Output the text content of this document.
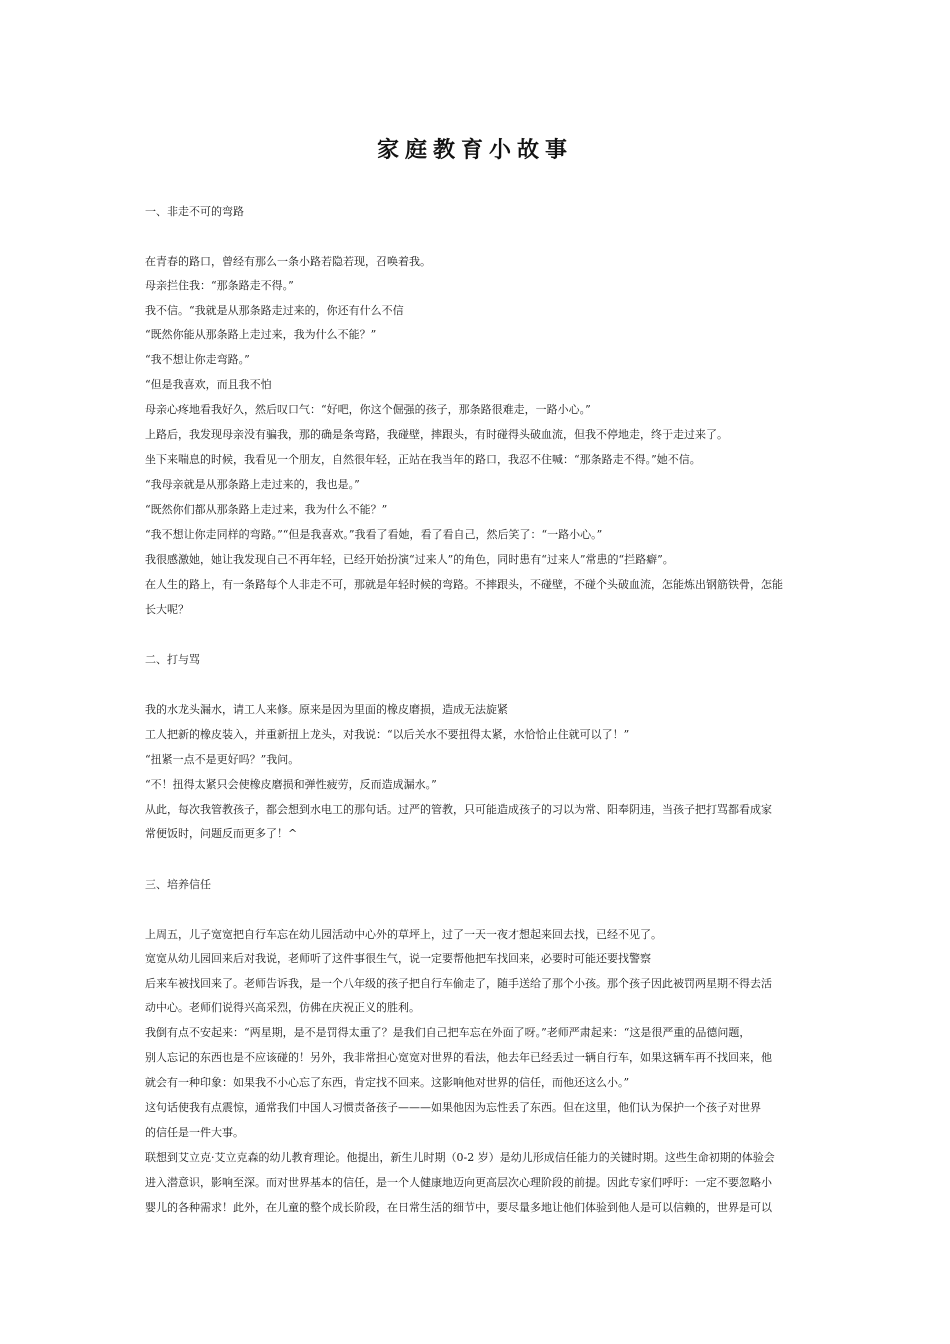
家庭教育小故事
一、非走不可的弯路
在青春的路口，曾经有那么一条小路若隐若现，召唤着我。
母亲拦住我：“那条路走不得。”
我不信。“我就是从那条路走过来的，你还有什么不信
“既然你能从那条路上走过来，我为什么不能？”
“我不想让你走弯路。”
“但是我喜欢，而且我不怕
母亲心疼地看我好久，然后叹口气：“好吧，你这个倔强的孩子，那条路很难走，一路小心。”
上路后，我发现母亲没有骗我，那的确是条弯路，我碰壁，摔跟头，有时碰得头破血流，但我不停地走，终于走过来了。
坐下来喘息的时候，我看见一个朋友，自然很年轻，正站在我当年的路口，我忍不住喊：“那条路走不得。”她不信。
“我母亲就是从那条路上走过来的，我也是。”
“既然你们都从那条路上走过来，我为什么不能？”
“我不想让你走同样的弯路。”“但是我喜欢。”我看了看她，看了看自己，然后笑了：“一路小心。”
我很感激她，她让我发现自己不再年轻，已经开始扮演“过来人”的角色，同时患有“过来人”常患的“拦路癖”。
在人生的路上，有一条路每个人非走不可，那就是年轻时候的弯路。不摔跟头，不碰壁，不碰个头破血流，怎能炼出钢筋铁骨，怎能
长大呢？
二、打与骂
我的水龙头漏水，请工人来修。原来是因为里面的橡皮磨损，造成无法旋紧
工人把新的橡皮装入，并重新扭上龙头，对我说：“以后关水不要扭得太紧，水恰恰止住就可以了！”
“扭紧一点不是更好吗？”我问。
“不！扭得太紧只会使橡皮磨损和弹性疲劳，反而造成漏水。”
从此，每次我管教孩子，都会想到水电工的那句话。过严的管教，只可能造成孩子的习以为常、阳奉阴违，当孩子把打骂都看成家
常便饭时，问题反而更多了！^
三、培养信任
上周五，儿子宽宽把自行车忘在幼儿园活动中心外的草坪上，过了一天一夜才想起来回去找，已经不见了。
宽宽从幼儿园回来后对我说，老师听了这件事很生气，说一定要帮他把车找回来，必要时可能还要找警察
后来车被找回来了。老师告诉我，是一个八年级的孩子把自行车偷走了，随手送给了那个小孩。那个孩子因此被罚两星期不得去活
动中心。老师们说得兴高采烈，仿佛在庆祝正义的胜利。
我倒有点不安起来：“两星期，是不是罚得太重了？是我们自己把车忘在外面了呀。”老师严肃起来：“这是很严重的品德问题，
别人忘记的东西也是不应该碰的！另外，我非常担心宽宽对世界的看法，他去年已经丢过一辆自行车，如果这辆车再不找回来，他
就会有一种印象：如果我不小心忘了东西，肯定找不回来。这影响他对世界的信任，而他还这么小。”
这句话使我有点震惊，通常我们中国人习惯责备孩子———如果他因为忘性丢了东西。但在这里，他们认为保护一个孩子对世界
的信任是一件大事。
联想到艾立克·艾立克森的幼儿教育理论。他提出，新生儿时期（0-2 岁）是幼儿形成信任能力的关键时期。这些生命初期的体验会
进入潜意识，影响至深。而对世界基本的信任，是一个人健康地迈向更高层次心理阶段的前提。因此专家们呼吁：一定不要忽略小
婴儿的各种需求！此外，在儿童的整个成长阶段，在日常生活的细节中，要尽量多地让他们体验到他人是可以信赖的，世界是可以
